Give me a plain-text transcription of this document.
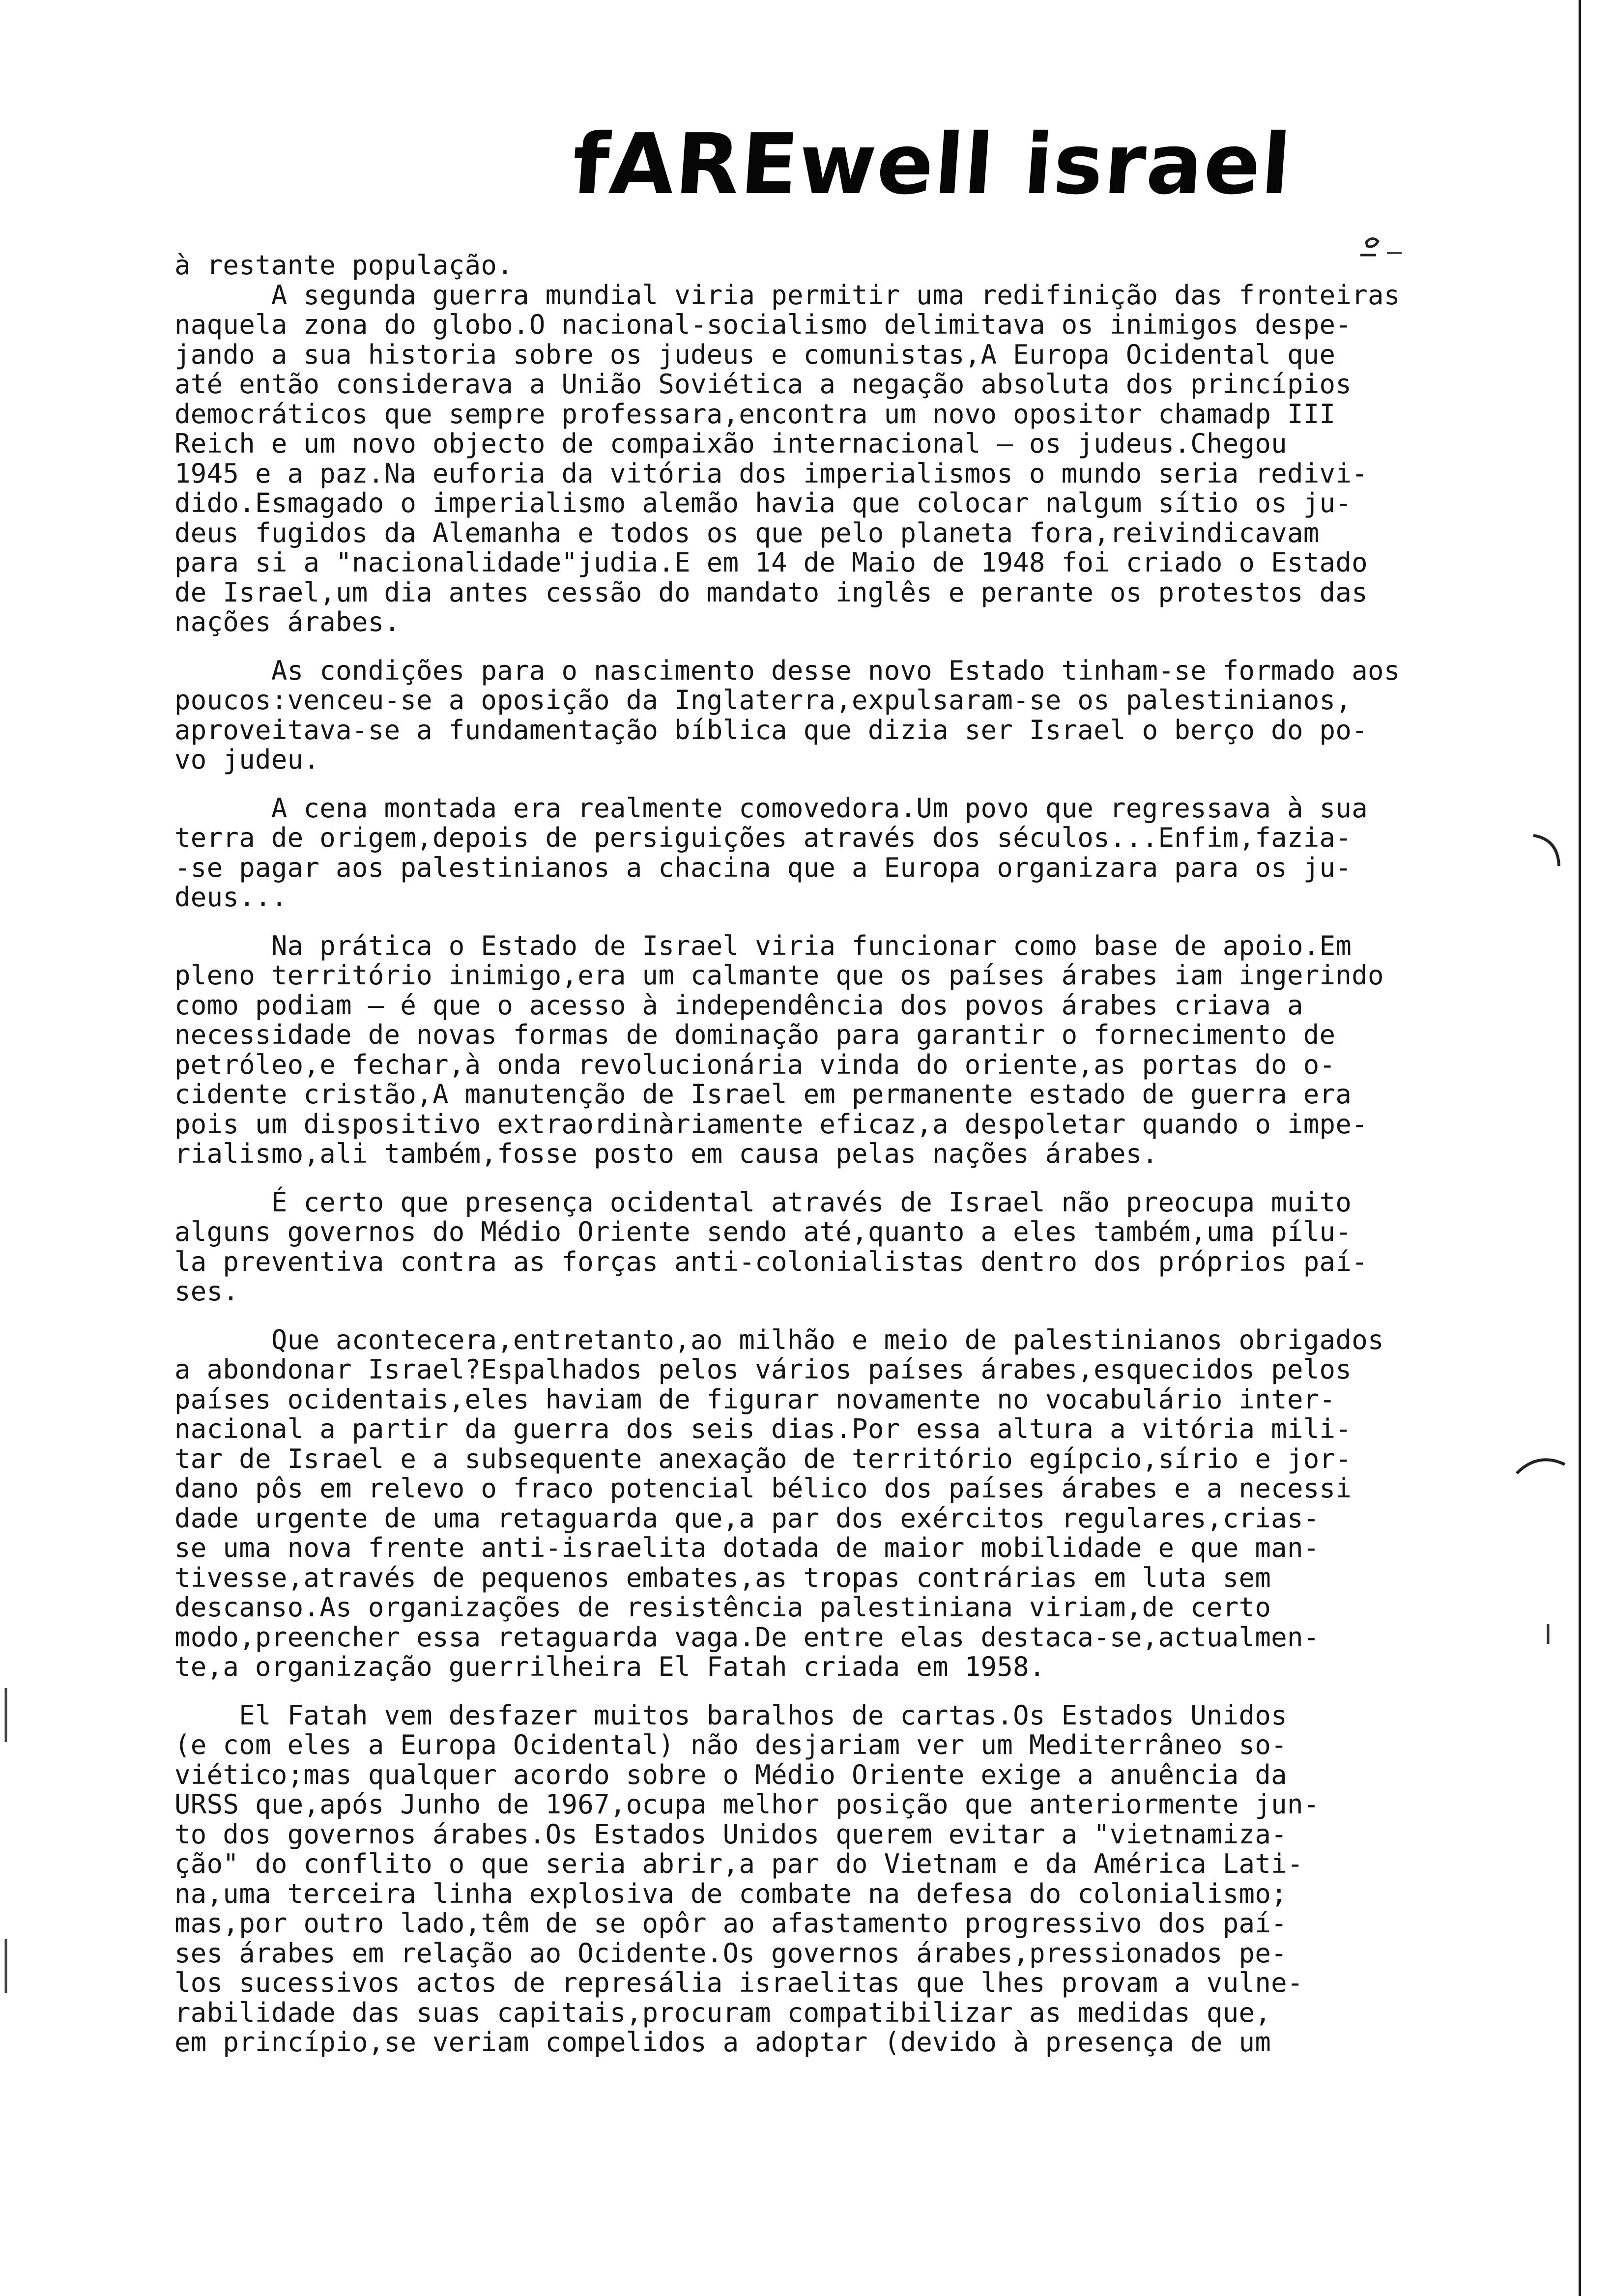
fAREwell israel

à restante população.

A segunda guerra mundial viria permitir uma redifinição das fronteiras
naquela zona do globo.O nacional-socialismo delimitava os inimigos despe-
jando a sua historia sobre os judeus e comunistas,A Europa Ocidental que
até então considerava a União Soviética a negação absoluta dos princípios
democráticos que sempre professara,encontra um novo opositor chamadp III
Reich e um novo objecto de compaixão internacional — os judeus.Chegou
1945 e a paz.Na euforia da vitória dos imperialismos o mundo seria redivi-
dido.Esmagado o imperialismo alemão havia que colocar nalgum sítio os ju-
deus fugidos da Alemanha e todos os que pelo planeta fora,reivindicavam
para si a "nacionalidade"judia.E em 14 de Maio de 1948 foi criado o Estado
de Israel,um dia antes cessão do mandato inglês e perante os protestos das
nações árabes.

As condições para o nascimento desse novo Estado tinham-se formado aos
poucos:venceu-se a oposição da Inglaterra,expulsaram-se os palestinianos,
aproveitava-se a fundamentação bíblica que dizia ser Israel o berço do po-
vo judeu.

A cena montada era realmente comovedora.Um povo que regressava à sua
terra de origem,depois de persiguições através dos séculos...Enfim,fazia-
-se pagar aos palestinianos a chacina que a Europa organizara para os ju-
deus...

Na prática o Estado de Israel viria funcionar como base de apoio.Em
pleno território inimigo,era um calmante que os países árabes iam ingerindo
como podiam — é que o acesso à independência dos povos árabes criava a
necessidade de novas formas de dominação para garantir o fornecimento de
petróleo,e fechar,à onda revolucionária vinda do oriente,as portas do o-
cidente cristão,A manutenção de Israel em permanente estado de guerra era
pois um dispositivo extraordinàriamente eficaz,a despoletar quando o impe-
rialismo,ali também,fosse posto em causa pelas nações árabes.

É certo que presença ocidental através de Israel não preocupa muito
alguns governos do Médio Oriente sendo até,quanto a eles também,uma pílu-
la preventiva contra as forças anti-colonialistas dentro dos próprios paí-
ses.

Que acontecera,entretanto,ao milhão e meio de palestinianos obrigados
a abondonar Israel?Espalhados pelos vários países árabes,esquecidos pelos
países ocidentais,eles haviam de figurar novamente no vocabulário inter-
nacional a partir da guerra dos seis dias.Por essa altura a vitória mili-
tar de Israel e a subsequente anexação de território egípcio,sírio e jor-
dano pôs em relevo o fraco potencial bélico dos países árabes e a necessi
dade urgente de uma retaguarda que,a par dos exércitos regulares,crias-
se uma nova frente anti-israelita dotada de maior mobilidade e que man-
tivesse,através de pequenos embates,as tropas contrárias em luta sem
descanso.As organizações de resistência palestiniana viriam,de certo
modo,preencher essa retaguarda vaga.De entre elas destaca-se,actualmen-
te,a organização guerrilheira El Fatah criada em 1958.

El Fatah vem desfazer muitos baralhos de cartas.Os Estados Unidos
(e com eles a Europa Ocidental) não desjariam ver um Mediterrâneo so-
viético;mas qualquer acordo sobre o Médio Oriente exige a anuência da
URSS que,após Junho de 1967,ocupa melhor posição que anteriormente jun-
to dos governos árabes.Os Estados Unidos querem evitar a "vietnamiza-
ção" do conflito o que seria abrir,a par do Vietnam e da América Lati-
na,uma terceira linha explosiva de combate na defesa do colonialismo;
mas,por outro lado,têm de se opôr ao afastamento progressivo dos paí-
ses árabes em relação ao Ocidente.Os governos árabes,pressionados pe-
los sucessivos actos de represália israelitas que lhes provam a vulne-
rabilidade das suas capitais,procuram compatibilizar as medidas que,
em princípio,se veriam compelidos a adoptar (devido à presença de um
